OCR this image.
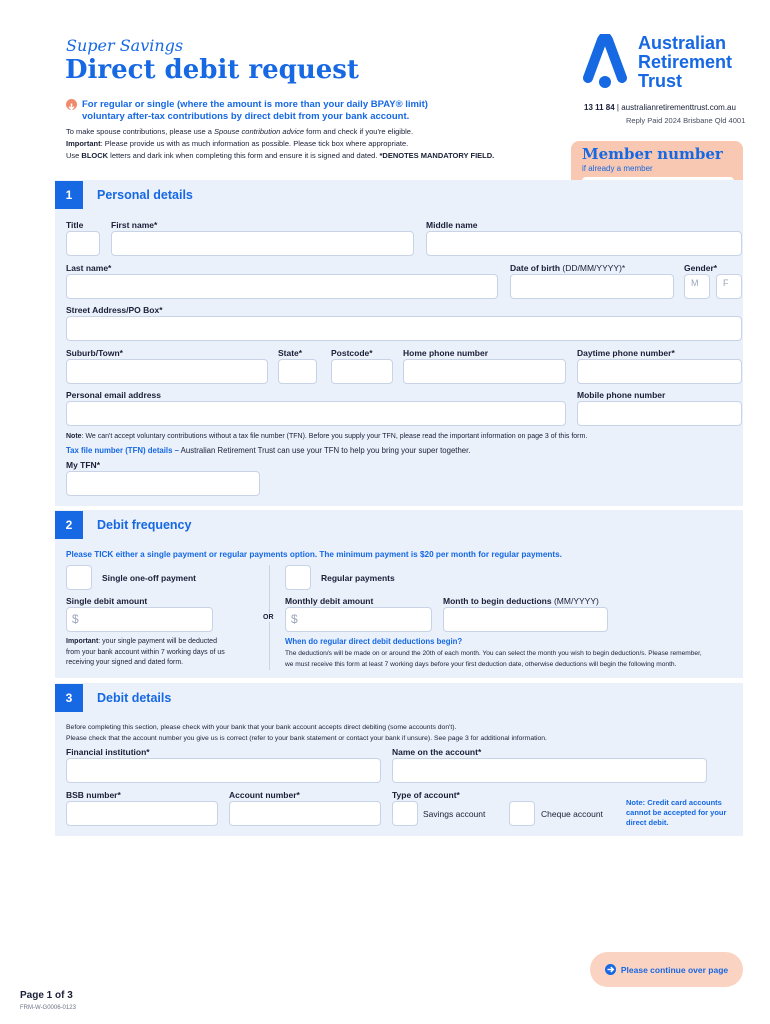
Super Savings
Direct debit request
For regular or single (where the amount is more than your daily BPAY® limit)
voluntary after-tax contributions by direct debit from your bank account.
To make spouse contributions, please use a Spouse contribution advice form and check if you're eligible.
Important: Please provide us with as much information as possible. Please tick box where appropriate.
Use BLOCK letters and dark ink when completing this form and ensure it is signed and dated. *DENOTES MANDATORY FIELD.
Australian
Retirement
Trust
13 11 84 | australianretirementtrust.com.au
Reply Paid 2024 Brisbane Qld 4001
Member number
if already a member
1	Personal details
Title	First name*	Middle name
Last name*	Date of birth (DD/MM/YYYY)*	Gender*
M	F
Street Address/PO Box*
Suburb/Town*	State*	Postcode*	Home phone number	Daytime phone number*
Personal email address	Mobile phone number
Note: We can't accept voluntary contributions without a tax file number (TFN). Before you supply your TFN, please read the important information on page 3 of this form.
Tax file number (TFN) details – Australian Retirement Trust can use your TFN to help you bring your super together.
My TFN*
2	Debit frequency
Please TICK either a single payment or regular payments option. The minimum payment is $20 per month for regular payments.
Single one-off payment	Regular payments
OR
Single debit amount	Monthly debit amount	Month to begin deductions (MM/YYYY)
$	$
Important: your single payment will be deducted
from your bank account within 7 working days of us
receiving your signed and dated form.
When do regular direct debit deductions begin?
The deduction/s will be made on or around the 20th of each month. You can select the month you wish to begin deduction/s. Please remember,
we must receive this form at least 7 working days before your first deduction date, otherwise deductions will begin the following month.
3	Debit details
Before completing this section, please check with your bank that your bank account accepts direct debiting (some accounts don't).
Please check that the account number you give us is correct (refer to your bank statement or contact your bank if unsure). See page 3 for additional information.
Financial institution*	Name on the account*
BSB number*	Account number*	Type of account*
Savings account	Cheque account
Note: Credit card accounts
cannot be accepted for your
direct debit.
Please continue over page
Page 1 of 3
FRM-W-G0006-0123
